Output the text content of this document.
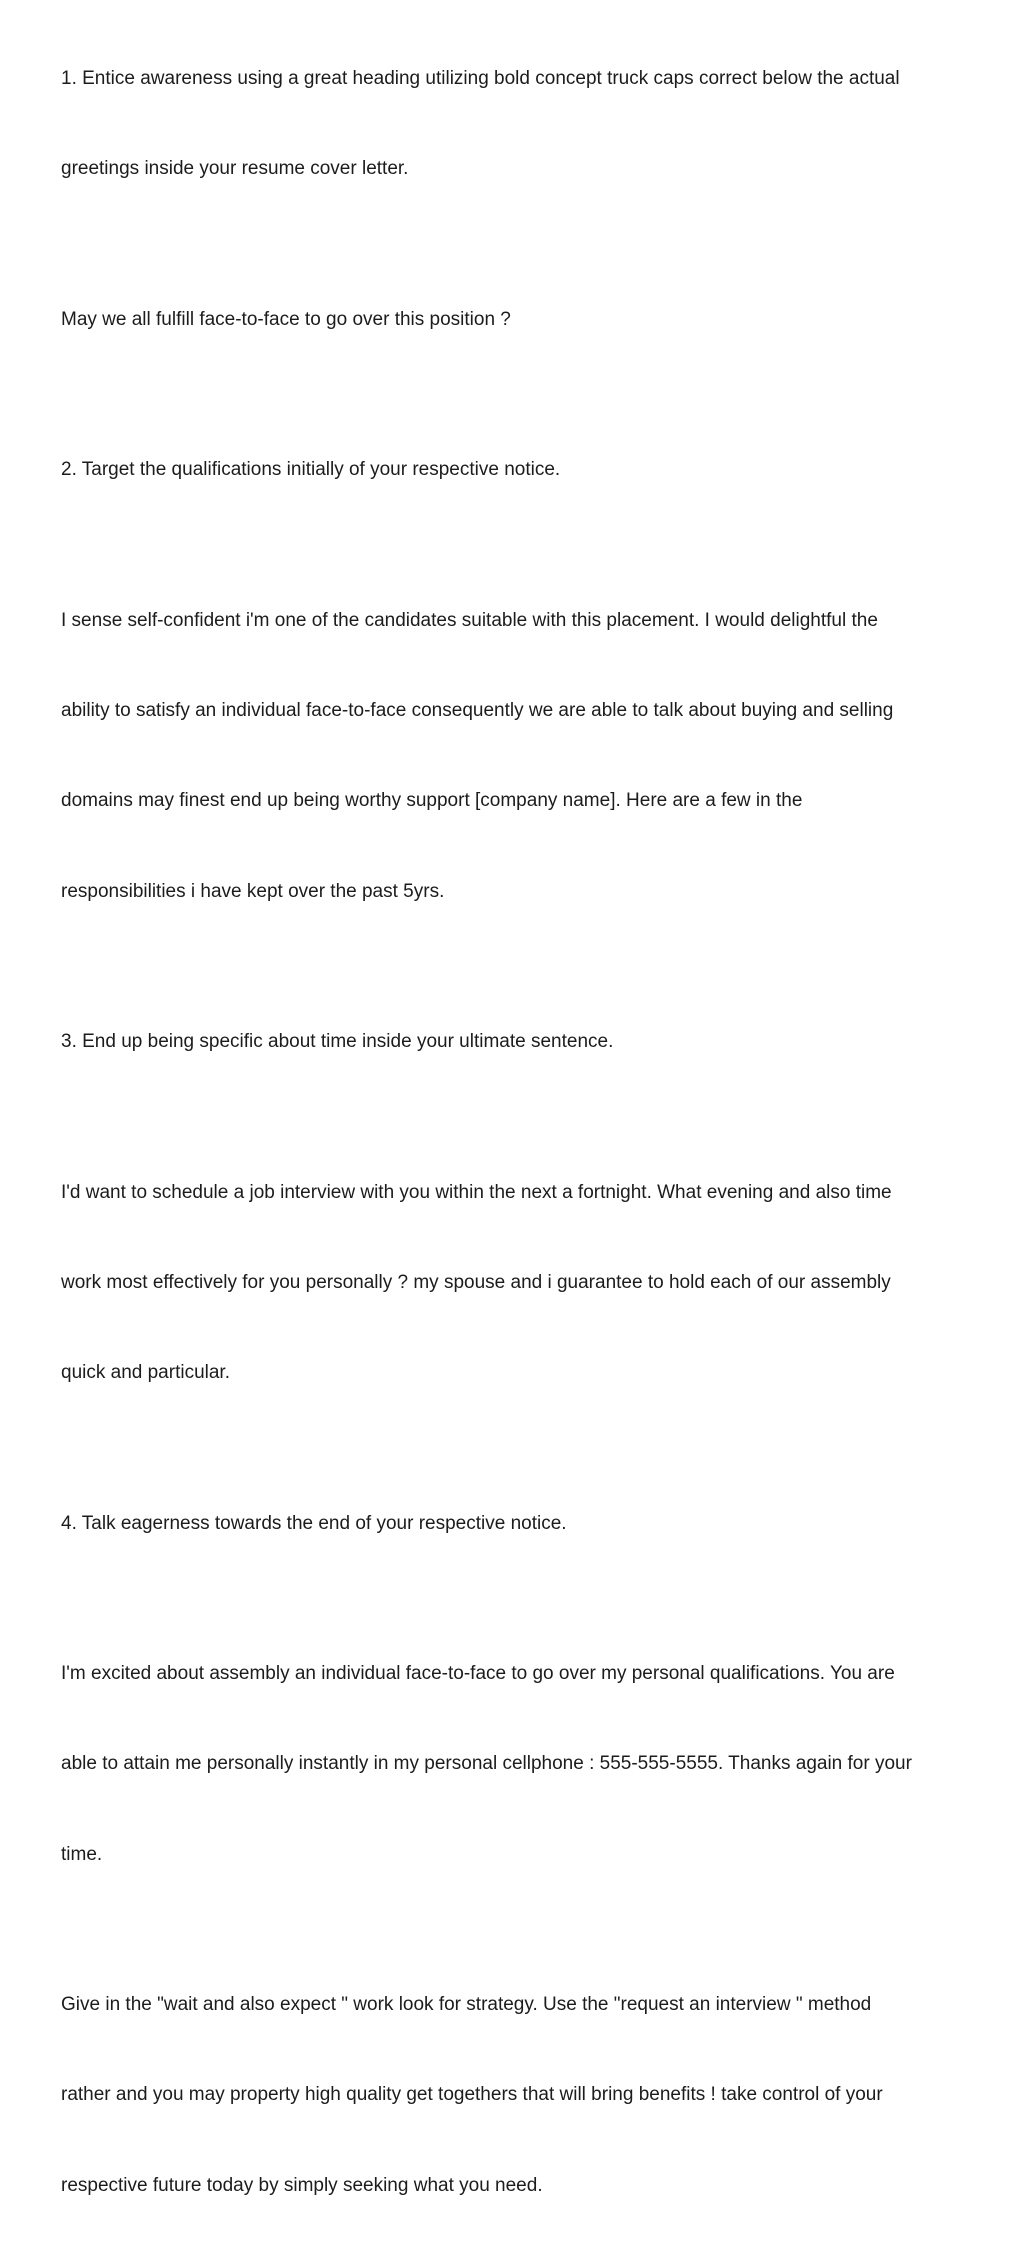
1. Entice awareness using a great heading utilizing bold concept truck caps correct below the actual

greetings inside your resume cover letter.

May we all fulfill face-to-face to go over this position ?

2. Target the qualifications initially of your respective notice.

I sense self-confident i'm one of the candidates suitable with this placement. I would delightful the

ability to satisfy an individual face-to-face consequently we are able to talk about buying and selling

domains may finest end up being worthy support [company name]. Here are a few in the

responsibilities i have kept over the past 5yrs.

3. End up being specific about time inside your ultimate sentence.

I'd want to schedule a job interview with you within the next a fortnight. What evening and also time

work most effectively for you personally ? my spouse and i guarantee to hold each of our assembly

quick and particular.

4. Talk eagerness towards the end of your respective notice.

I'm excited about assembly an individual face-to-face to go over my personal qualifications. You are

able to attain me personally instantly in my personal cellphone : 555-555-5555. Thanks again for your

time.

Give in the "wait and also expect " work look for strategy. Use the "request an interview " method

rather and you may property high quality get togethers that will bring benefits ! take control of your

respective future today by simply seeking what you need.
